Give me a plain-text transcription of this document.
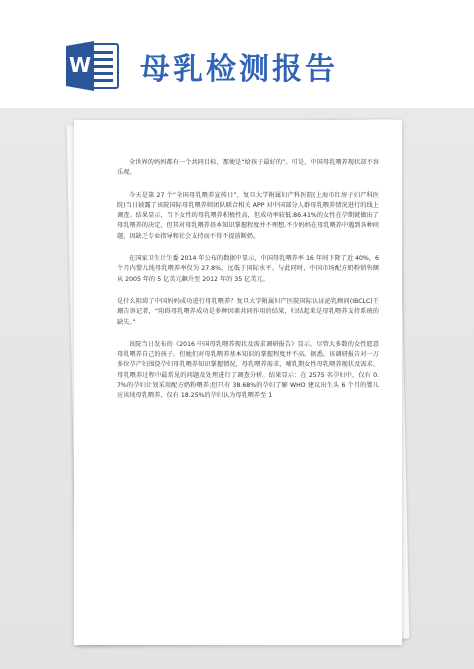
W 母乳检测报告

全世界的妈妈都有一个共同目标，那便是“给孩子最好的”。可是，中国母乳喂养现状却不容乐观。

今天是第 27 个“全国母乳喂养宣传日”，复旦大学附属妇产科医院(上海市红房子妇产科医院)当日披露了该院国际母乳喂养师团队联合相关 APP 对中国部分人群母乳喂养情况进行的线上调查。结果显示，当下女性的母乳喂养积极性高，但成功率较低.86.41%的女性在孕期就做出了母乳喂养的决定，但其对母乳喂养基本知识掌握程度并不理想,不少妈妈在母乳喂养中遇到各种问题，因缺乏专业指导和社会支持而不得不提前断奶。

在国家卫生计生委 2014 年公布的数据中显示，中国母乳喂养率 16 年间下降了近 40%，6 个月内婴儿纯母乳喂养率仅为 27.8%，远低于国际水平。与此同时，中国市场配方奶粉销售额从 2005 年的 5 亿美元飙升至 2012 年的 35 亿美元。

是什么阻碍了中国妈妈成功进行母乳喂养？复旦大学附属妇产医院国际认证泌乳顾问(IBCLC)王珊告诉记者，“阻碍母乳喂养成功是多种因素共同作用的结果，归结起来是母乳喂养支持系统的缺失。”

该院当日发布的《2016 中国母乳喂养现状及需求调研报告》显示，尽管大多数的女性愿意母乳喂养自己的孩子。但她们对母乳喂养基本知识的掌握程度并不高。据悉，该调研报告对一万多位孕产妇围绕孕妇母乳喂养知识掌握情况、母乳喂养需求，哺乳期女性母乳喂养现状及需求、母乳喂养过程中最常见的问题及处理进行了调查分析。结果显示：在 2575 名孕妇中，仅有 0.7%的孕妇计划采用配方奶粉喂养;但只有 38.68%的孕妇了解 WHO 建议出生头 6 个月的婴儿应该纯母乳喂养，仅有 18.25%的孕妇认为母乳喂养至 1
